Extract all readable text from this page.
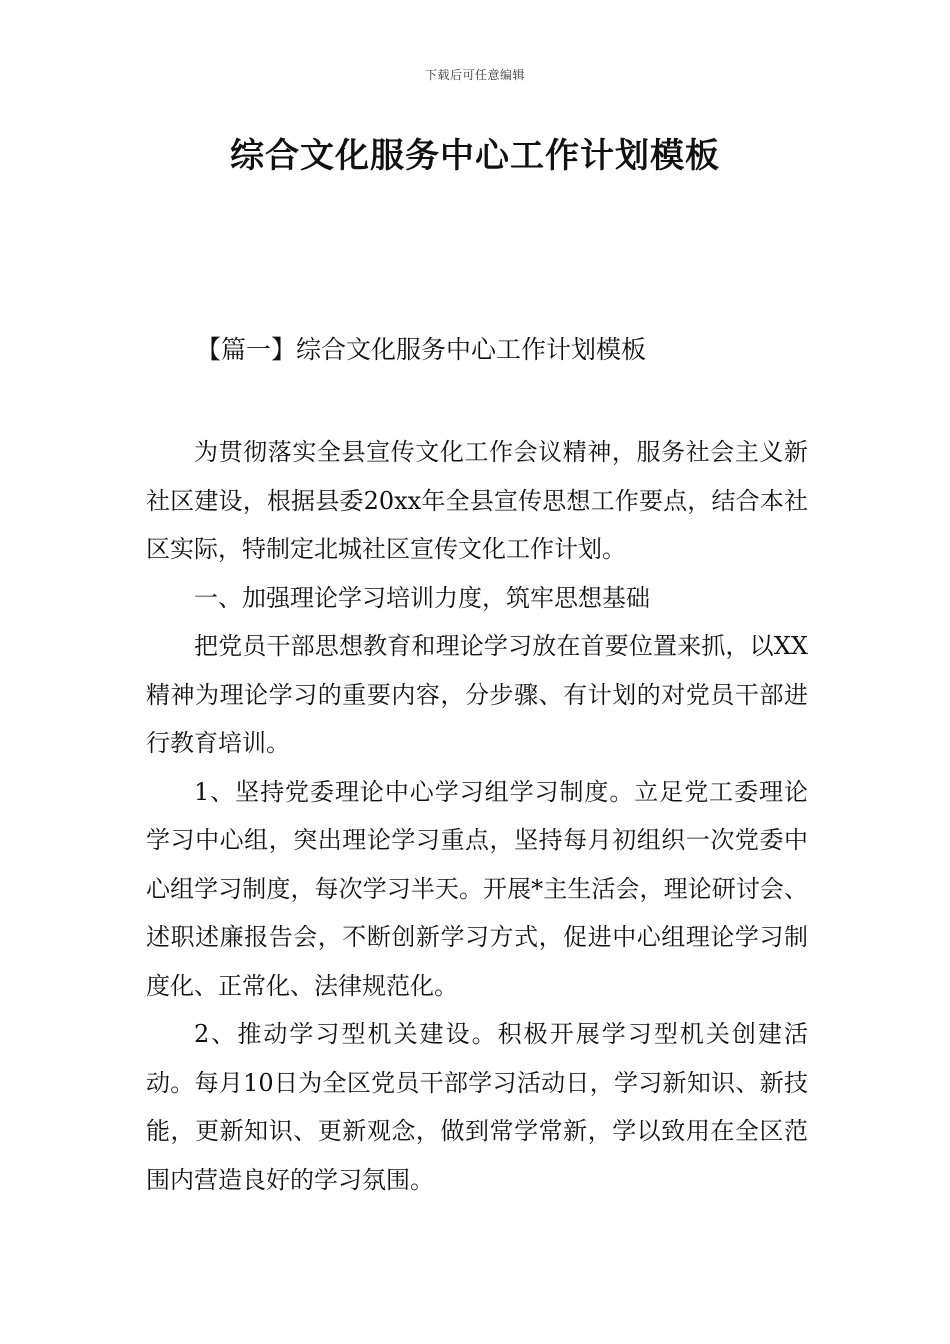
下载后可任意编辑
综合文化服务中心工作计划模板
【篇一】综合文化服务中心工作计划模板

为贯彻落实全县宣传文化工作会议精神，服务社会主义新社区建设，根据县委20xx年全县宣传思想工作要点，结合本社区实际，特制定北城社区宣传文化工作计划。

一、加强理论学习培训力度，筑牢思想基础

把党员干部思想教育和理论学习放在首要位置来抓，以XX精神为理论学习的重要内容，分步骤、有计划的对党员干部进行教育培训。

1、坚持党委理论中心学习组学习制度。立足党工委理论学习中心组，突出理论学习重点，坚持每月初组织一次党委中心组学习制度，每次学习半天。开展*主生活会，理论研讨会、述职述廉报告会，不断创新学习方式，促进中心组理论学习制度化、正常化、法律规范化。

2、推动学习型机关建设。积极开展学习型机关创建活动。每月10日为全区党员干部学习活动日，学习新知识、新技能，更新知识、更新观念，做到常学常新，学以致用在全区范围内营造良好的学习氛围。
